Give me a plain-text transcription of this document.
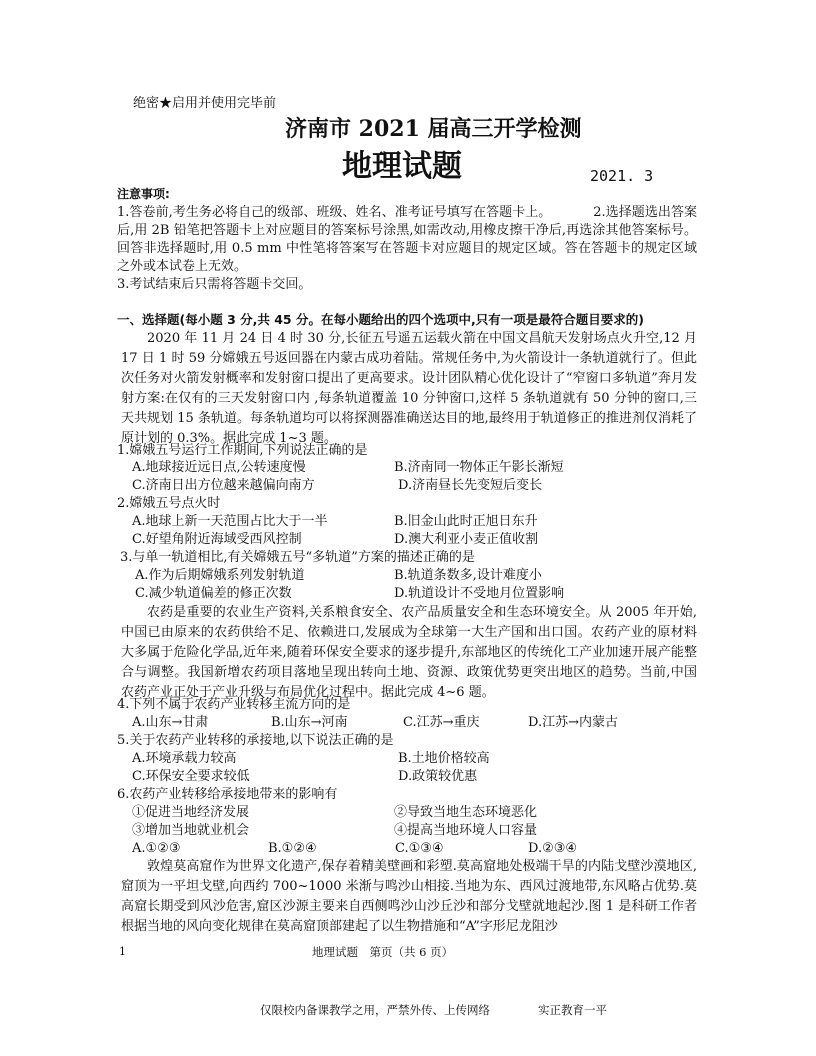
绝密★启用并使用完毕前
济南市 2021 届高三开学检测
地理试题	2021. 3
注意事项:
1.答卷前,考生务必将自己的级部、班级、姓名、准考证号填写在答题卡上。	2.选择题选出答案后,用 2B 铅笔把答题卡上对应题目的答案标号涂黑,如需改动,用橡皮擦干净后,再选涂其他答案标号。回答非选择题时,用 0.5 mm 中性笔将答案写在答题卡对应题目的规定区域。答在答题卡的规定区域之外或本试卷上无效。
3.考试结束后只需将答题卡交回。
一、选择题(每小题 3 分,共 45 分。在每小题给出的四个选项中,只有一项是最符合题目要求的)
2020 年 11 月 24 日 4 时 30 分,长征五号遥五运载火箭在中国文昌航天发射场点火升空,12 月 17 日 1 时 59 分嫦娥五号返回器在内蒙古成功着陆。常规任务中,为火箭设计一条轨道就行了。但此次任务对火箭发射概率和发射窗口提出了更高要求。设计团队精心优化设计了“窄窗口多轨道”奔月发射方案:在仅有的三天发射窗口内 ,每条轨道覆盖 10 分钟窗口,这样 5 条轨道就有 50 分钟的窗口,三天共规划 15 条轨道。每条轨道均可以将探测器准确送达目的地,最终用于轨道修正的推进剂仅消耗了原计划的 0.3%。据此完成 1~3 题。
1.嫦娥五号运行工作期间,下列说法正确的是
A.地球接近远日点,公转速度慢	B.济南同一物体正午影长渐短
C.济南日出方位越来越偏向南方	D.济南昼长先变短后变长
2.嫦娥五号点火时
A.地球上新一天范围占比大于一半	B.旧金山此时正旭日东升
C.好望角附近海域受西风控制	D.澳大利亚小麦正值收割
3.与单一轨道相比,有关嫦娥五号“多轨道”方案的描述正确的是
A.作为后期嫦娥系列发射轨道	B.轨道条数多,设计难度小
C.减少轨道偏差的修正次数	D.轨道设计不受地月位置影响
农药是重要的农业生产资料,关系粮食安全、农产品质量安全和生态环境安全。从 2005 年开始,中国已由原来的农药供给不足、依赖进口,发展成为全球第一大生产国和出口国。农药产业的原材料大多属于危险化学品,近年来,随着环保安全要求的逐步提升,东部地区的传统化工产业加速开展产能整合与调整。我国新增农药项目落地呈现出转向土地、资源、政策优势更突出地区的趋势。当前,中国农药产业正处于产业升级与布局优化过程中。据此完成 4~6 题。
4.下列不属于农药产业转移主流方向的是
A.山东→甘肃	B.山东→河南	C.江苏→重庆	D.江苏→内蒙古
5.关于农药产业转移的承接地,以下说法正确的是
A.环境承载力较高	B.土地价格较高
C.环保安全要求较低	D.政策较优惠
6.农药产业转移给承接地带来的影响有
①促进当地经济发展	②导致当地生态环境恶化
③增加当地就业机会	④提高当地环境人口容量
A.①②③	B.①②④	C.①③④	D.②③④
敦煌莫高窟作为世界文化遗产,保存着精美壁画和彩塑.莫高窟地处极端干旱的内陆戈壁沙漠地区,窟顶为一平坦戈壁,向西约 700~1000 米渐与鸣沙山相接.当地为东、西风过渡地带,东风略占优势.莫高窟长期受到风沙危害,窟区沙源主要来自西侧鸣沙山沙丘沙和部分戈壁就地起沙.图 1 是科研工作者根据当地的风向变化规律在莫高窟顶部建起了以生物措施和“A”字形尼龙阻沙
1	地理试题　第页（共 6 页）
仅限校内备课教学之用，严禁外传、上传网络	实正教育一平
